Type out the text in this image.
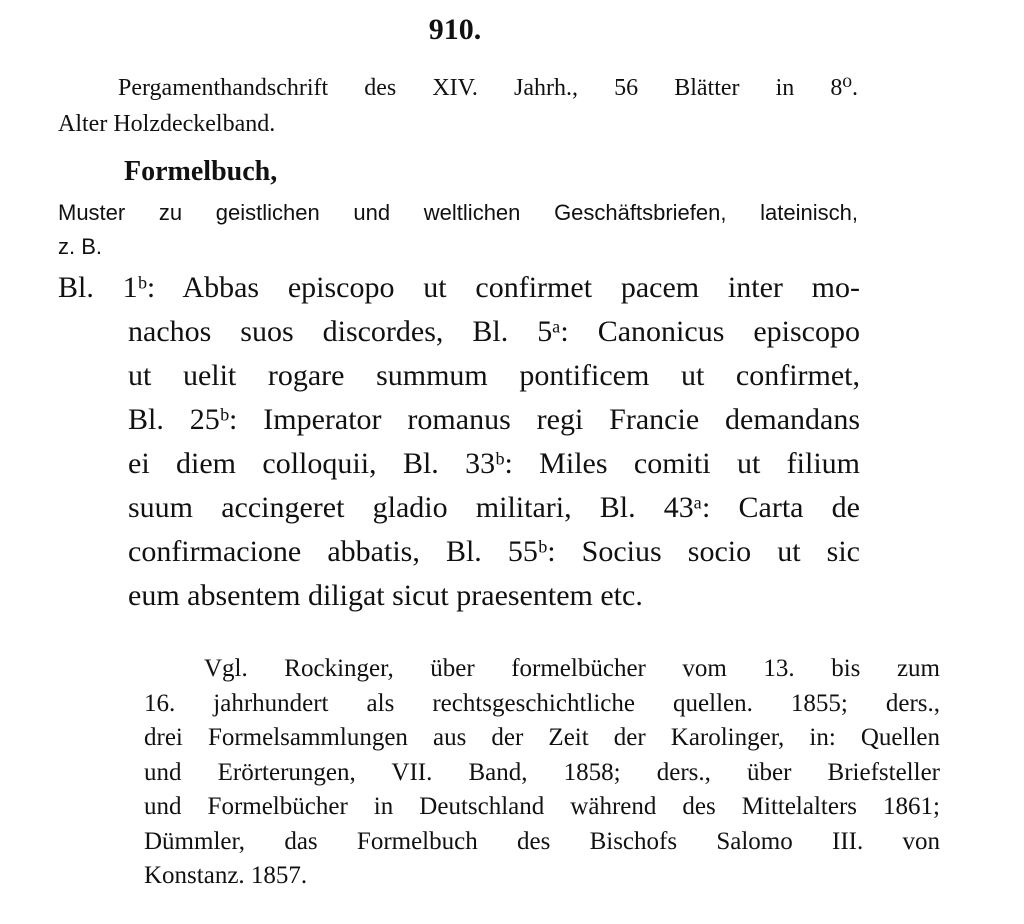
910.
Pergamenthandschrift des XIV. Jahrh., 56 Blätter in 8⁰.
Alter Holzdeckelband.
Formelbuch,
Muster zu geistlichen und weltlichen Geschäftsbriefen, lateinisch,
z. B.
Bl. 1ᵇ: Abbas episcopo ut confirmet pacem inter mo-
nachos suos discordes, Bl. 5ᵃ: Canonicus episcopo
ut uelit rogare summum pontificem ut confirmet,
Bl. 25ᵇ: Imperator romanus regi Francie demandans
ei diem colloquii, Bl. 33ᵇ: Miles comiti ut filium
suum accingeret gladio militari, Bl. 43ᵃ: Carta de
confirmacione abbatis, Bl. 55ᵇ: Socius socio ut sic
eum absentem diligat sicut praesentem etc.
Vgl. Rockinger, über formelbücher vom 13. bis zum
16. jahrhundert als rechtsgeschichtliche quellen. 1855; ders.,
drei Formelsammlungen aus der Zeit der Karolinger, in: Quellen
und Erörterungen, VII. Band, 1858; ders., über Briefsteller
und Formelbücher in Deutschland während des Mittelalters 1861;
Dümmler, das Formelbuch des Bischofs Salomo III. von
Konstanz. 1857.
